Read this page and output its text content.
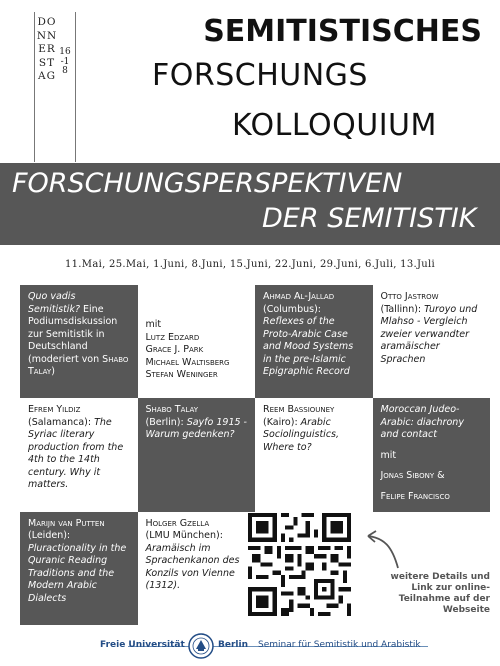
DONNERSTAG
16-18
SEMITISTISCHES
FORSCHUNGS
KOLLOQUIUM
FORSCHUNGSPERSPEKTIVEN
DER SEMITISTIK
11.Mai, 25.Mai, 1.Juni, 8.Juni, 15.Juni, 22.Juni, 29.Juni, 6.Juli, 13.Juli
Quo vadis Semitistik? Eine Podiumsdiskussion zur Semitistik in Deutschland (moderiert von Shabo Talay)
mit
Lutz Edzard
Grace J. Park
Michael Waltisberg
Stefan Weninger
Ahmad Al-Jallad
(Columbus): Reflexes of the Proto-Arabic Case and Mood Systems in the pre-Islamic Epigraphic Record
Otto Jastrow
(Tallinn): Turoyo und Mlahso - Vergleich zweier verwandter aramäischer Sprachen
Efrem Yildiz
(Salamanca): The Syriac literary production from the 4th to the 14th century. Why it matters.
Shabo Talay
(Berlin): Sayfo 1915 - Warum gedenken?
Reem Bassiouney
(Kairo): Arabic Sociolinguistics, Where to?
Moroccan Judeo-Arabic: diachrony and contact
mit
Jonas Sibony &
Felipe Francisco
Marijn van Putten
(Leiden): Pluractionality in the Quranic Reading Traditions and the Modern Arabic Dialects
Holger Gzella
(LMU München): Aramäisch im Sprachenkanon des Konzils von Vienne (1312).
weitere Details und Link zur online-Teilnahme auf der Webseite
Freie Universität	Berlin Seminar für Semitistik und Arabistik
